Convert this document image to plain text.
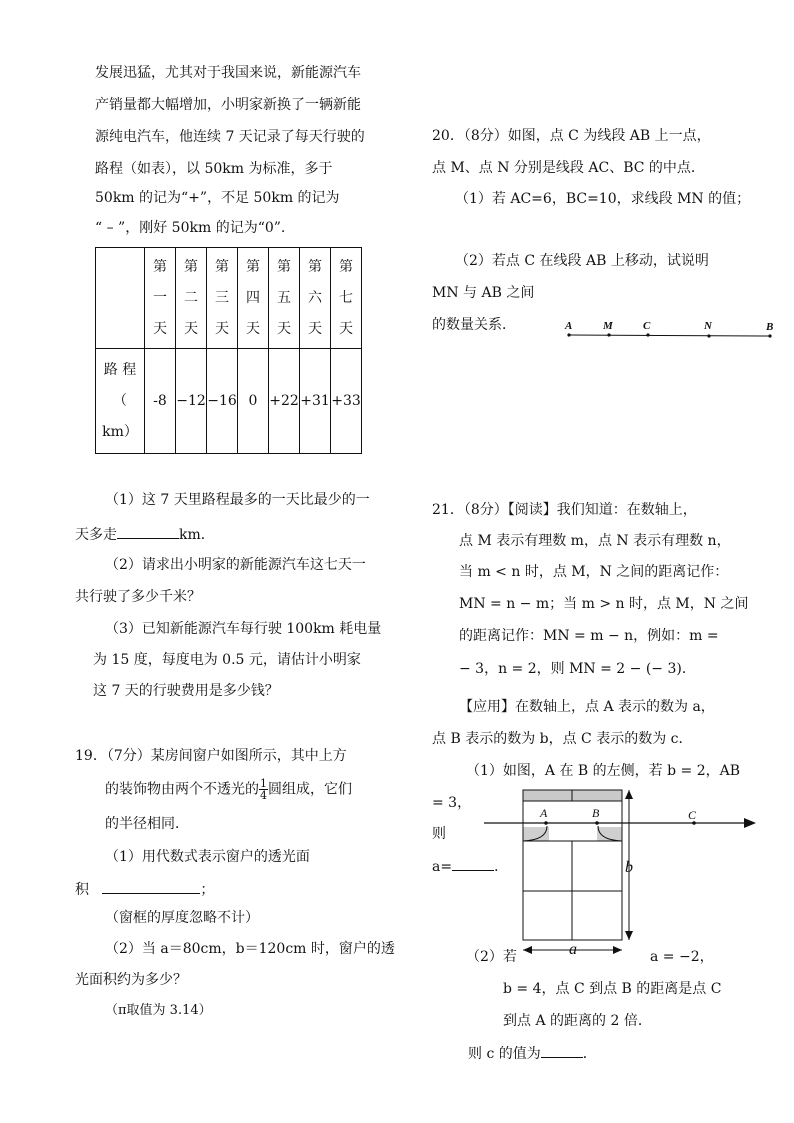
发展迅猛，尤其对于我国来说，新能源汽车
产销量都大幅增加，小明家新换了一辆新能
源纯电汽车，他连续 7 天记录了每天行驶的
路程（如表），以 50km 为标准，多于
50km 的记为“+”，不足 50km 的记为
“ – ”，刚好 50km 的记为“0”.
	第
一
天	第
二
天	第
三
天	第
四
天	第
五
天	第
六
天	第
七
天
路 程
（
km）	-8	−12	−16	0	+22	+31	+33
（1）这 7 天里路程最多的一天比最少的一
天多走	km．
（2）请求出小明家的新能源汽车这七天一
共行驶了多少千米？
（3）已知新能源汽车每行驶 100km 耗电量
为 15 度，每度电为 0.5 元，请估计小明家
这 7 天的行驶费用是多少钱？
19．（7分）某房间窗户如图所示，其中上方
的装饰物由两个不透光的 $\frac{1}{4}$ 圆组成，它们
的半径相同．
（1）用代数式表示窗户的透光面
积	；
（窗框的厚度忽略不计）
（2）当 a＝80cm，b＝120cm 时，窗户的透
光面积约为多少？
（π取值为 3.14）
20．（8分）如图，点 C 为线段 AB 上一点，
点 M、点 N 分别是线段 AC、BC 的中点．
（1）若 AC=6，BC=10，求线段 MN 的值；
（2）若点 C 在线段 AB 上移动，试说明
MN 与 AB 之间
的数量关系．	A	M	C	N	B
21．（8分）【阅读】我们知道：在数轴上，
点 M 表示有理数 m，点 N 表示有理数 n，
当 m < n 时，点 M，N 之间的距离记作：
MN = n − m；当 m > n 时，点 M，N 之间
的距离记作：MN = m − n，例如：m =
− 3，n = 2，则 MN = 2 − (− 3)．
【应用】在数轴上，点 A 表示的数为 a，
点 B 表示的数为 b，点 C 表示的数为 c．
（1）如图，A 在 B 的左侧，若 b = 2，AB
= 3，
则
a=	．
A	B	C
a
b
（2）若	a = −2，
b = 4，点 C 到点 B 的距离是点 C
到点 A 的距离的 2 倍．
则 c 的值为	．
